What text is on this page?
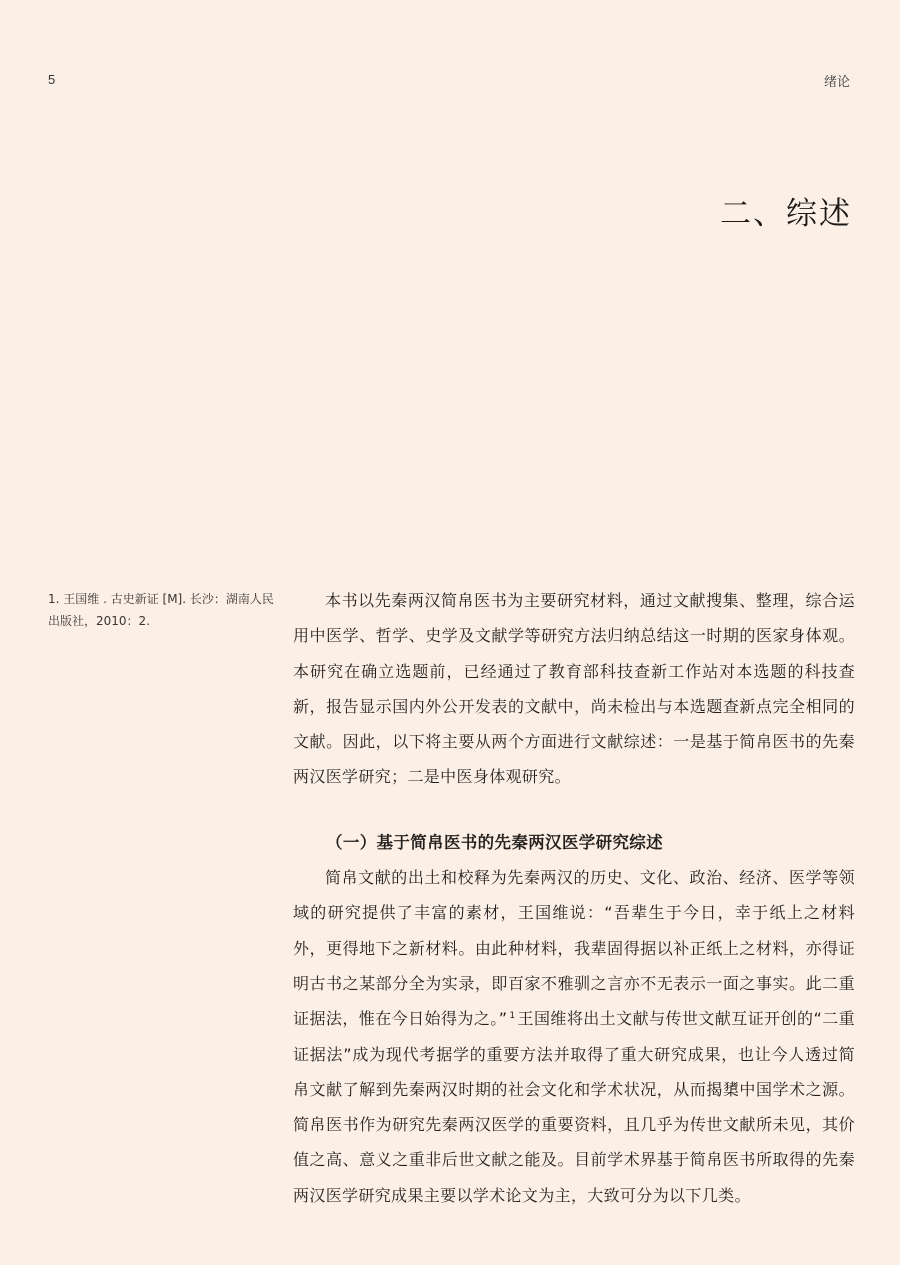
5	绪论
二、综述
1. 王国维 . 古史新证 [M]. 长沙：湖南人民出版社，2010：2.

本书以先秦两汉简帛医书为主要研究材料，通过文献搜集、整理，综合运用中医学、哲学、史学及文献学等研究方法归纳总结这一时期的医家身体观。本研究在确立选题前，已经通过了教育部科技查新工作站对本选题的科技查新，报告显示国内外公开发表的文献中，尚未检出与本选题查新点完全相同的文献。因此，以下将主要从两个方面进行文献综述：一是基于简帛医书的先秦两汉医学研究；二是中医身体观研究。

（一）基于简帛医书的先秦两汉医学研究综述

简帛文献的出土和校释为先秦两汉的历史、文化、政治、经济、医学等领域的研究提供了丰富的素材，王国维说：“吾辈生于今日，幸于纸上之材料外，更得地下之新材料。由此种材料，我辈固得据以补正纸上之材料，亦得证明古书之某部分全为实录，即百家不雅驯之言亦不无表示一面之事实。此二重证据法，惟在今日始得为之。” $^1$ 王国维将出土文献与传世文献互证开创的“二重证据法”成为现代考据学的重要方法并取得了重大研究成果，也让今人透过简帛文献了解到先秦两汉时期的社会文化和学术状况，从而揭橥中国学术之源。简帛医书作为研究先秦两汉医学的重要资料，且几乎为传世文献所未见，其价值之高、意义之重非后世文献之能及。目前学术界基于简帛医书所取得的先秦两汉医学研究成果主要以学术论文为主，大致可分为以下几类。
